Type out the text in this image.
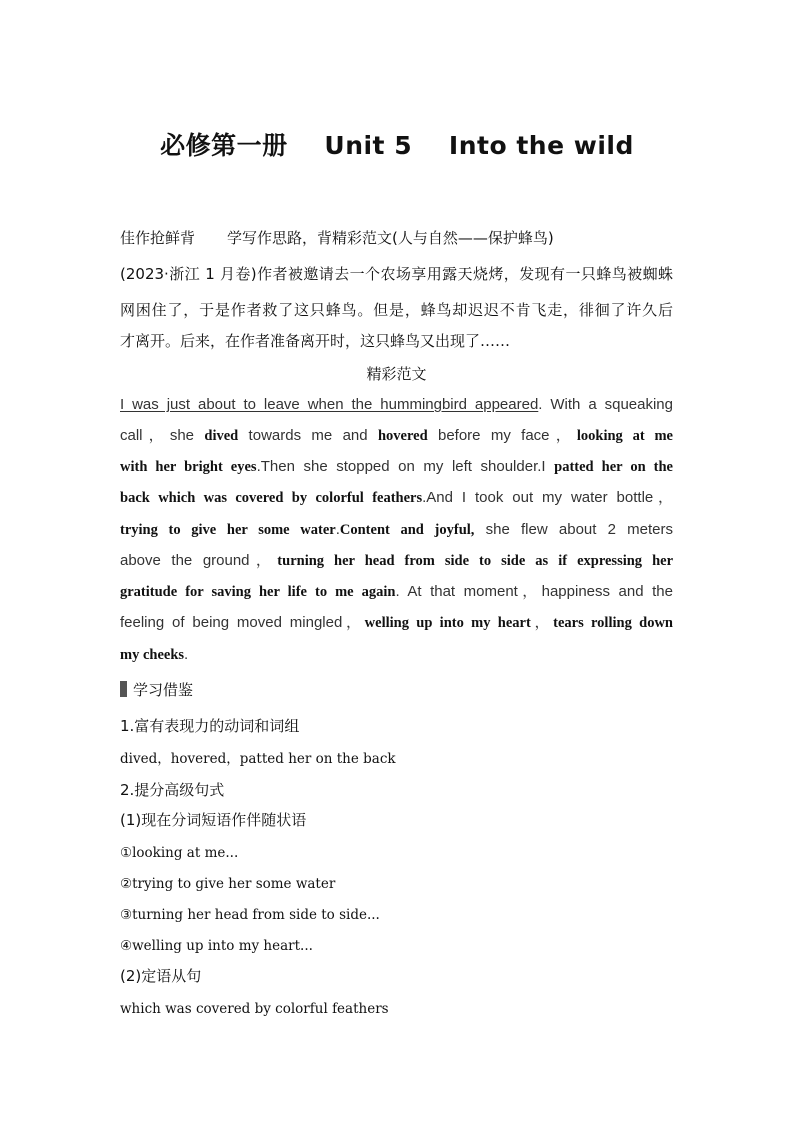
必修第一册    Unit 5    Into the wild
佳作抢鲜背 学写作思路，背精彩范文(人与自然——保护蜂鸟)
(2023·浙江 1 月卷)作者被邀请去一个农场享用露天烧烤，发现有一只蜂鸟被蜘蛛
网困住了，于是作者救了这只蜂鸟。但是，蜂鸟却迟迟不肯飞走，徘徊了许久后
才离开。后来，在作者准备离开时，这只蜂鸟又出现了……
精彩范文
I was just about to leave when the hummingbird appeared. With a squeaking
call，she dived towards me and hovered before my face，looking at me
with her bright eyes.Then she stopped on my left shoulder.I patted her on the
back which was covered by colorful feathers.And I took out my water bottle，
trying to give her some water.Content and joyful, she flew about 2 meters
above the ground，turning her head from side to side as if expressing her
gratitude for saving her life to me again. At that moment，happiness and the
feeling of being moved mingled，welling up into my heart，tears rolling down
my cheeks.
学习借鉴
1.富有表现力的动词和词组
dived，hovered，patted her on the back
2.提分高级句式
(1)现在分词短语作伴随状语
①looking at me...
②trying to give her some water
③turning her head from side to side...
④welling up into my heart...
(2)定语从句
which was covered by colorful feathers
